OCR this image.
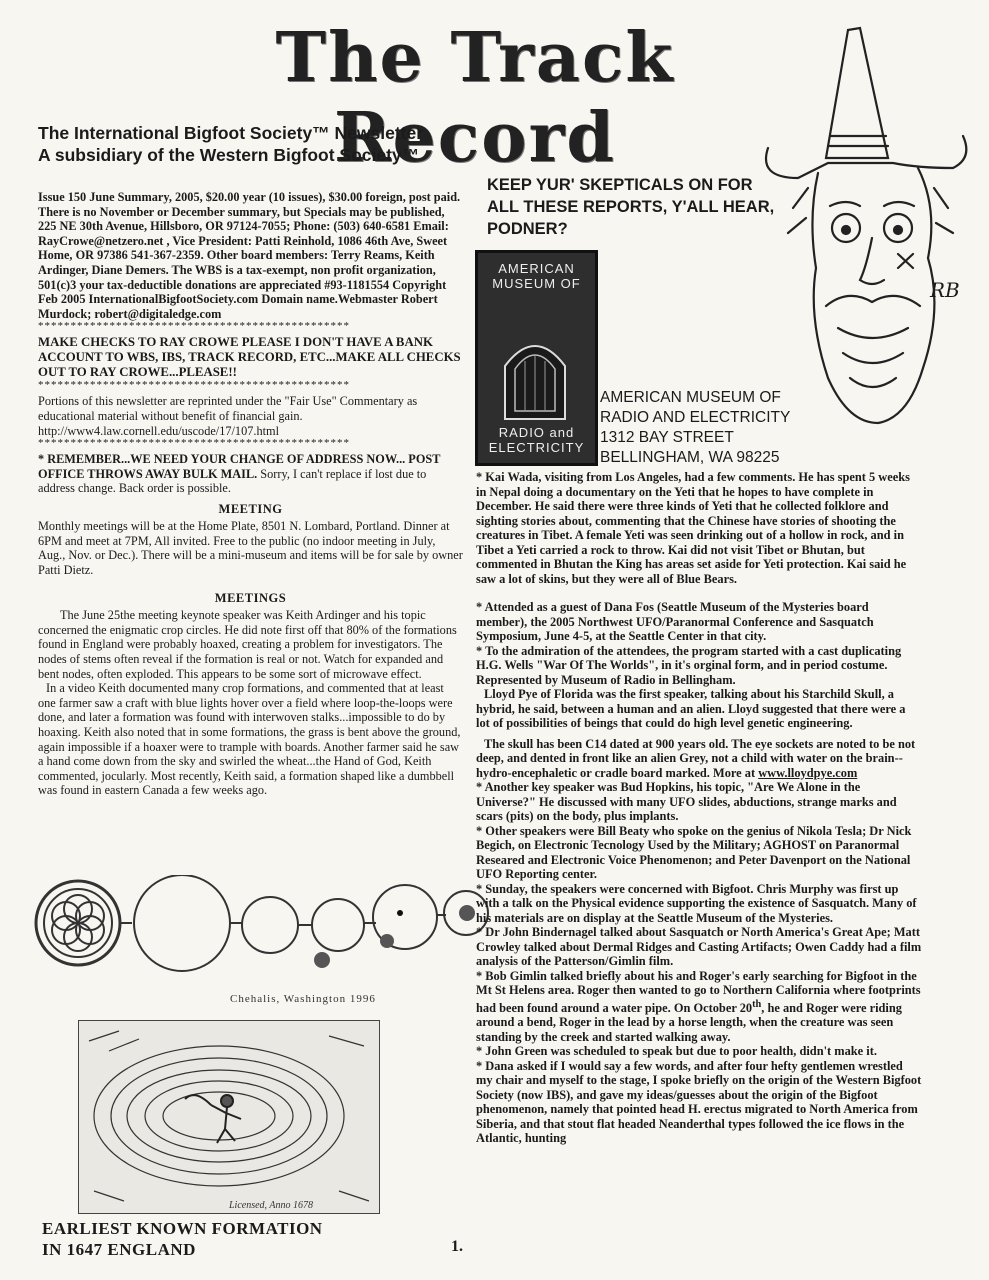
The Track Record
The International Bigfoot Society™ Newsletter
A subsidiary of the Western Bigfoot Society™

Issue 150 June Summary, 2005, $20.00 year (10 issues), $30.00 foreign, post paid. There is no November or December summary, but Specials may be published, 225 NE 30th Avenue, Hillsboro, OR 97124-7055; Phone: (503) 640-6581 Email: RayCrowe@netzero.net , Vice President: Patti Reinhold, 1086 46th Ave, Sweet Home, OR 97386 541-367-2359. Other board members: Terry Reams, Keith Ardinger, Diane Demers. The WBS is a tax-exempt, non profit organization, 501(c)3 your tax-deductible donations are appreciated #93-1181554 Copyright Feb 2005 InternationalBigfootSociety.com Domain name.Webmaster Robert Murdock; robert@digitaledge.com

************************************************

MAKE CHECKS TO RAY CROWE PLEASE I DON'T HAVE A BANK ACCOUNT TO WBS, IBS, TRACK RECORD, ETC...MAKE ALL CHECKS OUT TO RAY CROWE...PLEASE!!

************************************************

Portions of this newsletter are reprinted under the "Fair Use" Commentary as educational material without benefit of financial gain. http://www4.law.cornell.edu/uscode/17/107.html

************************************************

* REMEMBER...WE NEED YOUR CHANGE OF ADDRESS NOW... POST OFFICE THROWS AWAY BULK MAIL. Sorry, I can't replace if lost due to address change. Back order is possible.

MEETING

Monthly meetings will be at the Home Plate, 8501 N. Lombard, Portland. Dinner at 6PM and meet at 7PM, All invited. Free to the public (no indoor meeting in July, Aug., Nov. or Dec.). There will be a mini-museum and items will be for sale by owner Patti Dietz.

MEETINGS

The June 25the meeting keynote speaker was Keith Ardinger and his topic concerned the enigmatic crop circles. He did note first off that 80% of the formations found in England were probably hoaxed, creating a problem for investigators. The nodes of stems often reveal if the formation is real or not. Watch for expanded and bent nodes, often exploded. This appears to be some sort of microwave effect.

In a video Keith documented many crop formations, and commented that at least one farmer saw a craft with blue lights hover over a field where loop-the-loops were done, and later a formation was found with interwoven stalks...impossible to do by hoaxing. Keith also noted that in some formations, the grass is bent above the ground, again impossible if a hoaxer were to trample with boards. Another farmer said he saw a hand come down from the sky and swirled the wheat...the Hand of God, Keith commented, jocularly. Most recently, Keith said, a formation shaped like a dumbbell was found in eastern Canada a few weeks ago.

Chehalis, Washington 1996
Licensed, Anno 1678
EARLIEST KNOWN FORMATION
IN 1647 ENGLAND	1.
KEEP YUR' SKEPTICALS ON FOR ALL THESE REPORTS, Y'ALL HEAR, PODNER?
AMERICAN MUSEUM OF
RADIO and ELECTRICITY
AMERICAN MUSEUM OF
RADIO AND ELECTRICITY
1312 BAY STREET
BELLINGHAM, WA 98225
RB

* Kai Wada, visiting from Los Angeles, had a few comments. He has spent 5 weeks in Nepal doing a documentary on the Yeti that he hopes to have complete in December. He said there were three kinds of Yeti that he collected folklore and sighting stories about, commenting that the Chinese have stories of shooting the creatures in Tibet. A female Yeti was seen drinking out of a hollow in rock, and in Tibet a Yeti carried a rock to throw. Kai did not visit Tibet or Bhutan, but commented in Bhutan the King has areas set aside for Yeti protection. Kai said he saw a lot of skins, but they were all of Blue Bears.

* Attended as a guest of Dana Fos (Seattle Museum of the Mysteries board member), the 2005 Northwest UFO/Paranormal Conference and Sasquatch Symposium, June 4-5, at the Seattle Center in that city.

* To the admiration of the attendees, the program started with a cast duplicating H.G. Wells "War Of The Worlds", in it's orginal form, and in period costume. Represented by Museum of Radio in Bellingham.

Lloyd Pye of Florida was the first speaker, talking about his Starchild Skull, a hybrid, he said, between a human and an alien. Lloyd suggested that there were a lot of possibilities of beings that could do high level genetic engineering.

The skull has been C14 dated at 900 years old. The eye sockets are noted to be not deep, and dented in front like an alien Grey, not a child with water on the brain-- hydro-encephaletic or cradle board marked. More at www.lloydpye.com

* Another key speaker was Bud Hopkins, his topic, "Are We Alone in the Universe?" He discussed with many UFO slides, abductions, strange marks and scars (pits) on the body, plus implants.

* Other speakers were Bill Beaty who spoke on the genius of Nikola Tesla; Dr Nick Begich, on Electronic Tecnology Used by the Military; AGHOST on Paranormal Researed and Electronic Voice Phenomenon; and Peter Davenport on the National UFO Reporting center.

* Sunday, the speakers were concerned with Bigfoot. Chris Murphy was first up with a talk on the Physical evidence supporting the existence of Sasquatch. Many of his materials are on display at the Seattle Museum of the Mysteries.

* Dr John Bindernagel talked about Sasquatch or North America's Great Ape; Matt Crowley talked about Dermal Ridges and Casting Artifacts; Owen Caddy had a film analysis of the Patterson/Gimlin film.

* Bob Gimlin talked briefly about his and Roger's early searching for Bigfoot in the Mt St Helens area. Roger then wanted to go to Northern California where footprints had been found around a water pipe. On October 20th, he and Roger were riding around a bend, Roger in the lead by a horse length, when the creature was seen standing by the creek and started walking away.

* John Green was scheduled to speak but due to poor health, didn't make it.

* Dana asked if I would say a few words, and after four hefty gentlemen wrestled my chair and myself to the stage, I spoke briefly on the origin of the Western Bigfoot Society (now IBS), and gave my ideas/guesses about the origin of the Bigfoot phenomenon, namely that pointed head H. erectus migrated to North America from Siberia, and that stout flat headed Neanderthal types followed the ice flows in the Atlantic, hunting
